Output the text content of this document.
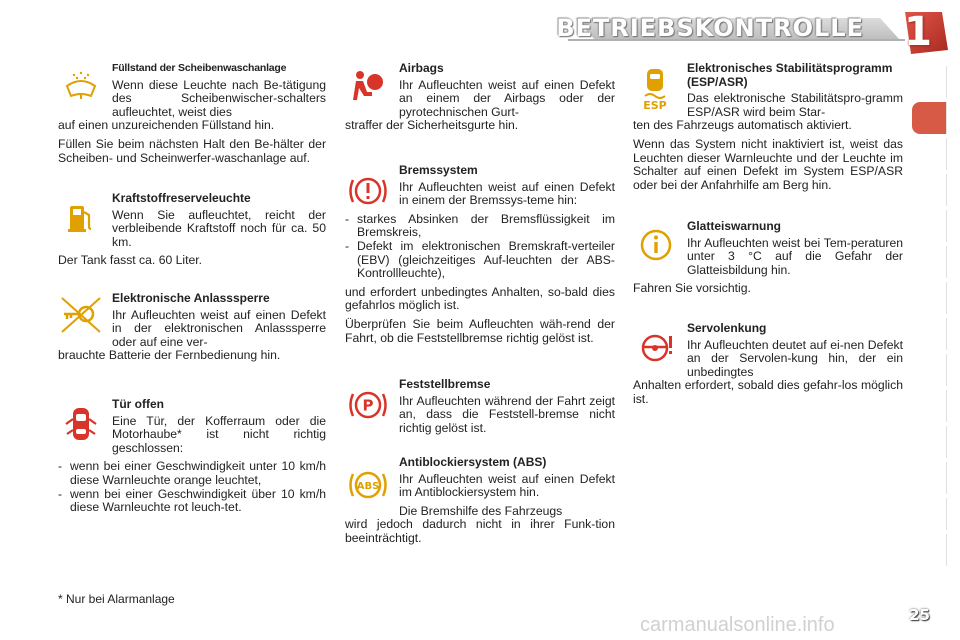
BETRIEBSKONTROLLE 1
Füllstand der Scheibenwaschanlage
Wenn diese Leuchte nach Be-tätigung des Scheibenwischer-schalters aufleuchtet, weist dies
auf einen unzureichenden Füllstand hin.
Füllen Sie beim nächsten Halt den Be-hälter der Scheiben- und Scheinwerfer-waschanlage auf.
Kraftstoffreserveleuchte
Wenn Sie aufleuchtet, reicht der verbleibende Kraftstoff noch für ca. 50 km.
Der Tank fasst ca. 60 Liter.
Elektronische Anlasssperre
Ihr Aufleuchten weist auf einen Defekt in der elektronischen Anlasssperre oder auf eine ver-
brauchte Batterie der Fernbedienung hin.
Tür offen
Eine Tür, der Kofferraum oder die Motorhaube* ist nicht richtig geschlossen:
- wenn bei einer Geschwindigkeit unter 10 km/h diese Warnleuchte orange leuchtet,
- wenn bei einer Geschwindigkeit über 10 km/h diese Warnleuchte rot leuch-tet.
Airbags
Ihr Aufleuchten weist auf einen Defekt an einem der Airbags oder der pyrotechnischen Gurt-
straffer der Sicherheitsgurte hin.
Bremssystem
Ihr Aufleuchten weist auf einen Defekt in einem der Bremssys-teme hin:
- starkes Absinken der Bremsflüssigkeit im Bremskreis,
- Defekt im elektronischen Bremskraft-verteiler (EBV) (gleichzeitiges Auf-leuchten der ABS-Kontrollleuchte),
und erfordert unbedingtes Anhalten, so-bald dies gefahrlos möglich ist.
Überprüfen Sie beim Aufleuchten wäh-rend der Fahrt, ob die Feststellbremse richtig gelöst ist.
P
Feststellbremse
Ihr Aufleuchten während der Fahrt zeigt an, dass die Feststell-bremse nicht richtig gelöst ist.
ABS
Antiblockiersystem (ABS)
Ihr Aufleuchten weist auf einen Defekt im Antiblockiersystem hin.
Die Bremshilfe des Fahrzeugs
wird jedoch dadurch nicht in ihrer Funk-tion beeinträchtigt.
ESP
Elektronisches Stabilitätsprogramm (ESP/ASR)
Das elektronische Stabilitätspro-gramm ESP/ASR wird beim Star-
ten des Fahrzeugs automatisch aktiviert.
Wenn das System nicht inaktiviert ist, weist das Leuchten dieser Warnleuchte und der Leuchte im Schalter auf einen Defekt im System ESP/ASR oder bei der Anfahrhilfe am Berg hin.
Glatteiswarnung
Ihr Aufleuchten weist bei Tem-peraturen unter 3 °C auf die Gefahr der Glatteisbildung hin.
Fahren Sie vorsichtig.
Servolenkung
Ihr Aufleuchten deutet auf ei-nen Defekt an der Servolen-kung hin, der ein unbedingtes
Anhalten erfordert, sobald dies gefahr-los möglich ist.
* Nur bei Alarmanlage
carmanualsonline.info	25
